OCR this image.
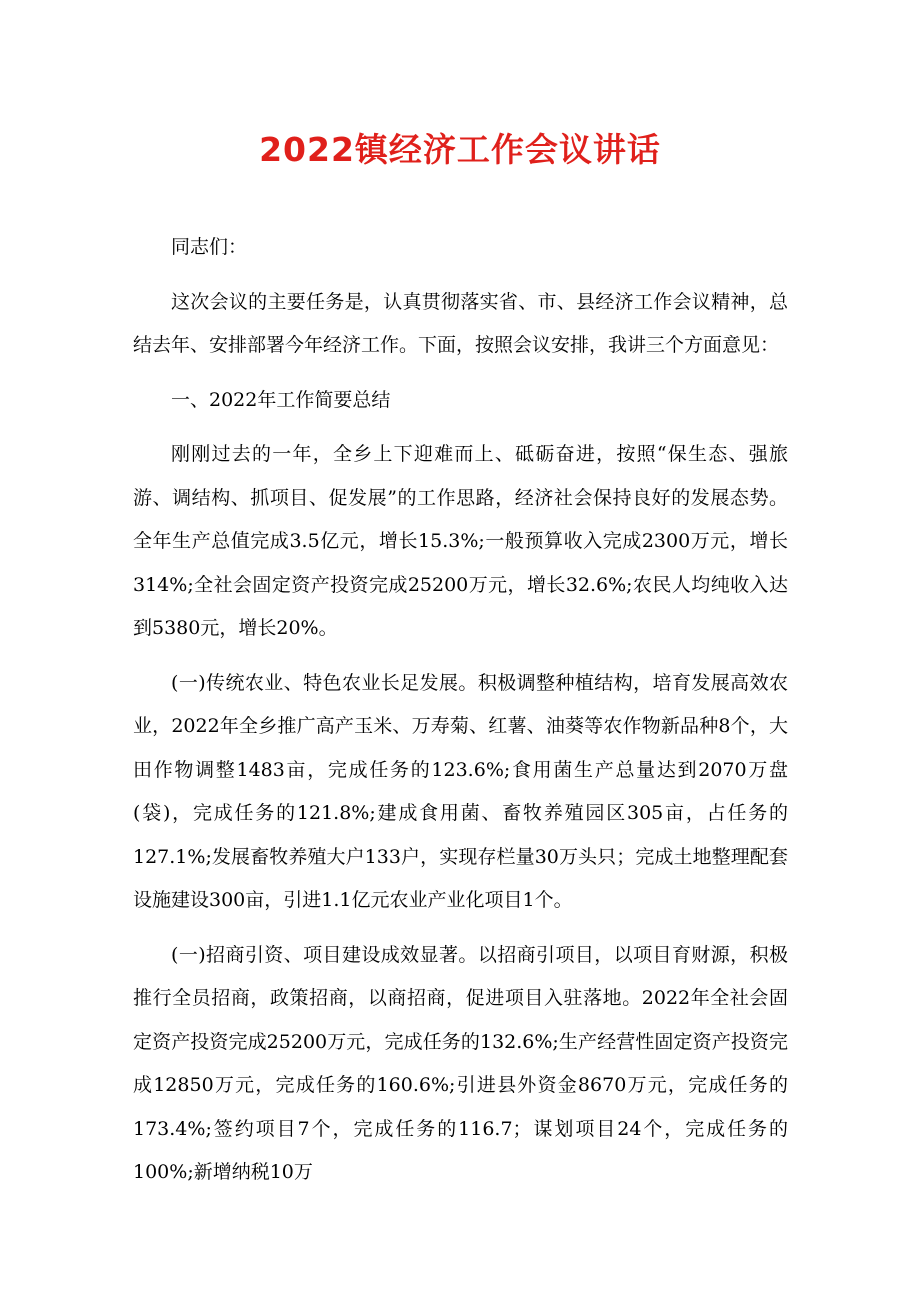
2022镇经济工作会议讲话

同志们：

这次会议的主要任务是，认真贯彻落实省、市、县经济工作会议精神，总结去年、安排部署今年经济工作。下面，按照会议安排，我讲三个方面意见：

一、2022年工作简要总结

刚刚过去的一年，全乡上下迎难而上、砥砺奋进，按照“保生态、强旅游、调结构、抓项目、促发展”的工作思路，经济社会保持良好的发展态势。全年生产总值完成3.5亿元，增长15.3%;一般预算收入完成2300万元，增长314%;全社会固定资产投资完成25200万元，增长32.6%;农民人均纯收入达到5380元，增长20%。

(一)传统农业、特色农业长足发展。积极调整种植结构，培育发展高效农业，2022年全乡推广高产玉米、万寿菊、红薯、油葵等农作物新品种8个，大田作物调整1483亩，完成任务的123.6%;食用菌生产总量达到2070万盘(袋)，完成任务的121.8%;建成食用菌、畜牧养殖园区305亩，占任务的127.1%;发展畜牧养殖大户133户，实现存栏量30万头只；完成土地整理配套设施建设300亩，引进1.1亿元农业产业化项目1个。

(一)招商引资、项目建设成效显著。以招商引项目，以项目育财源，积极推行全员招商，政策招商，以商招商，促进项目入驻落地。2022年全社会固定资产投资完成25200万元，完成任务的132.6%;生产经营性固定资产投资完成12850万元，完成任务的160.6%;引进县外资金8670万元，完成任务的173.4%;签约项目7个，完成任务的116.7；谋划项目24个，完成任务的100%;新增纳税10万
